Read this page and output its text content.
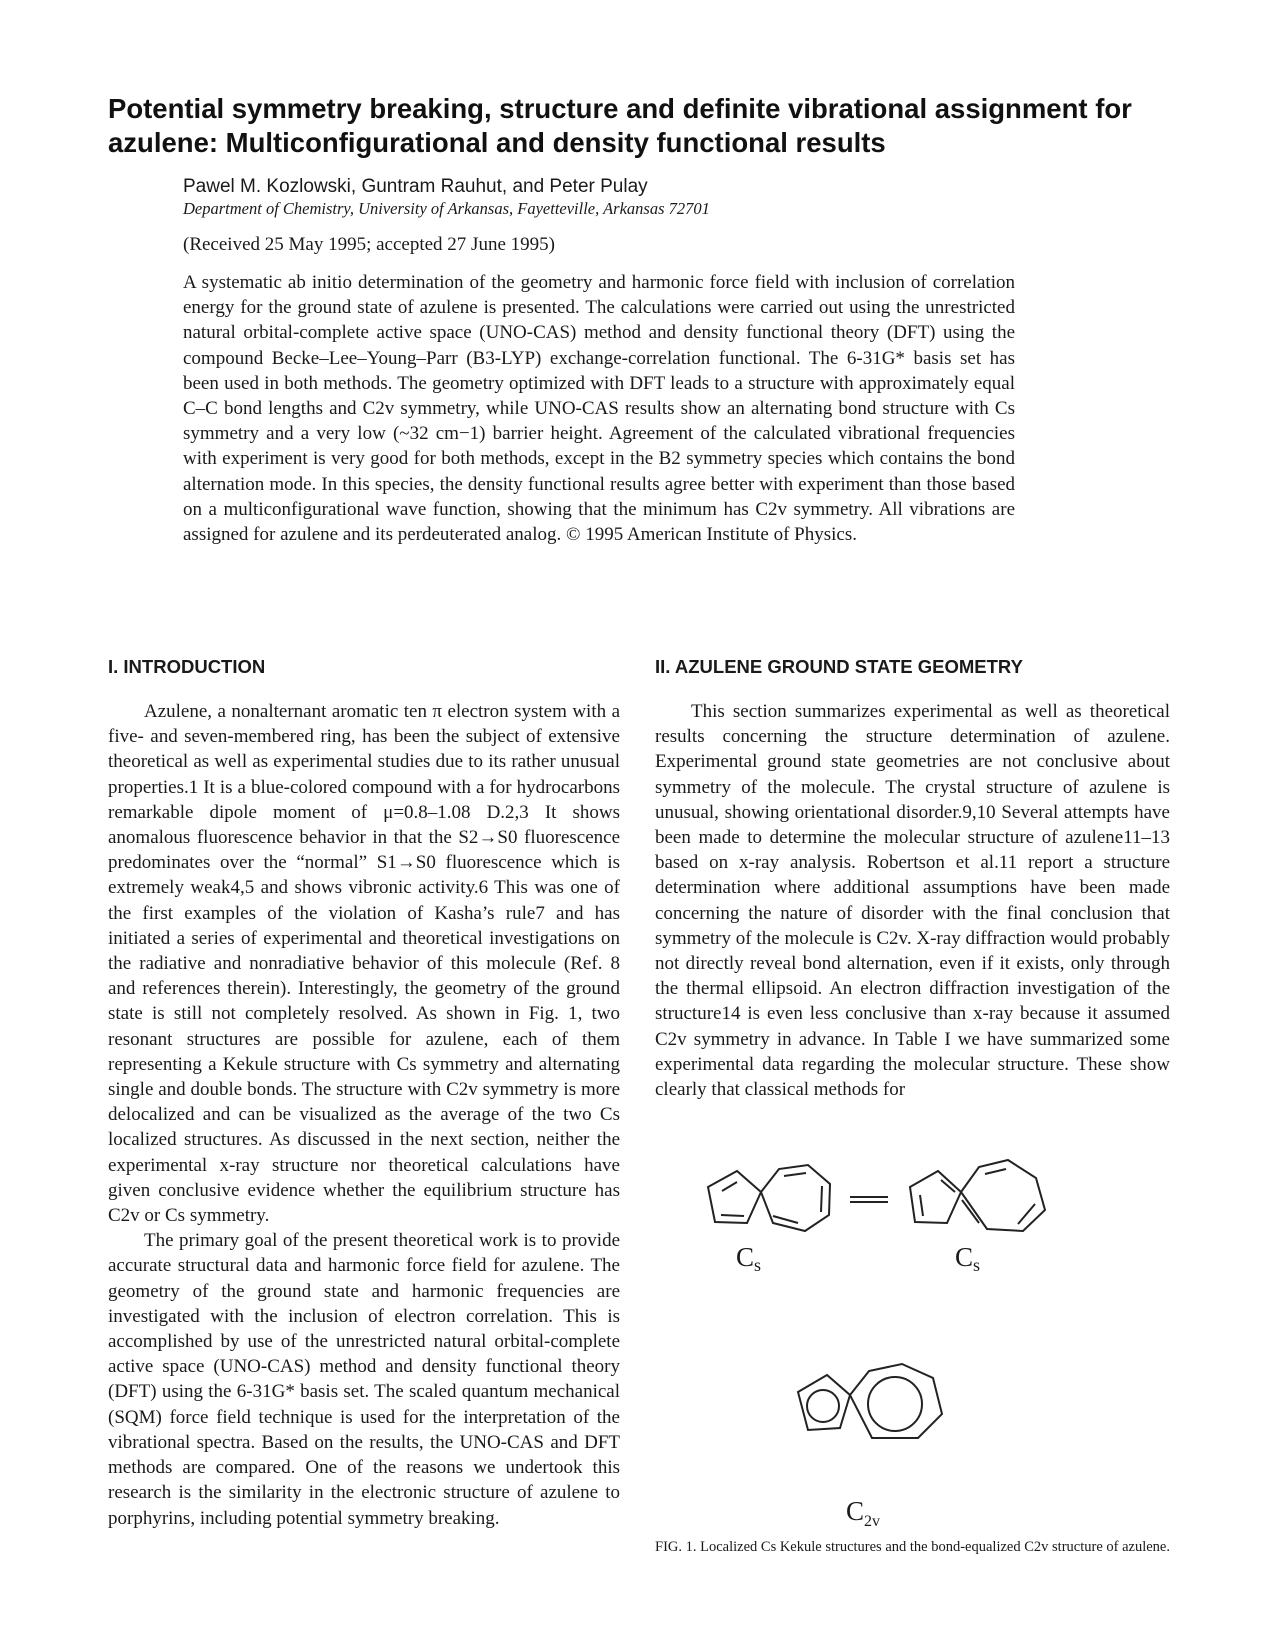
Potential symmetry breaking, structure and definite vibrational assignment for azulene: Multiconfigurational and density functional results
Pawel M. Kozlowski, Guntram Rauhut, and Peter Pulay
Department of Chemistry, University of Arkansas, Fayetteville, Arkansas 72701
(Received 25 May 1995; accepted 27 June 1995)

A systematic ab initio determination of the geometry and harmonic force field with inclusion of correlation energy for the ground state of azulene is presented. The calculations were carried out using the unrestricted natural orbital-complete active space (UNO-CAS) method and density functional theory (DFT) using the compound Becke–Lee–Young–Parr (B3-LYP) exchange-correlation functional. The 6-31G* basis set has been used in both methods. The geometry optimized with DFT leads to a structure with approximately equal C–C bond lengths and C2v symmetry, while UNO-CAS results show an alternating bond structure with Cs symmetry and a very low (~32 cm−1) barrier height. Agreement of the calculated vibrational frequencies with experiment is very good for both methods, except in the B2 symmetry species which contains the bond alternation mode. In this species, the density functional results agree better with experiment than those based on a multiconfigurational wave function, showing that the minimum has C2v symmetry. All vibrations are assigned for azulene and its perdeuterated analog. © 1995 American Institute of Physics.

I. INTRODUCTION

Azulene, a nonalternant aromatic ten π electron system with a five- and seven-membered ring, has been the subject of extensive theoretical as well as experimental studies due to its rather unusual properties.1 It is a blue-colored compound with a for hydrocarbons remarkable dipole moment of μ=0.8–1.08 D.2,3 It shows anomalous fluorescence behavior in that the S2→S0 fluorescence predominates over the “normal” S1→S0 fluorescence which is extremely weak4,5 and shows vibronic activity.6 This was one of the first examples of the violation of Kasha’s rule7 and has initiated a series of experimental and theoretical investigations on the radiative and nonradiative behavior of this molecule (Ref. 8 and references therein). Interestingly, the geometry of the ground state is still not completely resolved. As shown in Fig. 1, two resonant structures are possible for azulene, each of them representing a Kekule structure with Cs symmetry and alternating single and double bonds. The structure with C2v symmetry is more delocalized and can be visualized as the average of the two Cs localized structures. As discussed in the next section, neither the experimental x-ray structure nor theoretical calculations have given conclusive evidence whether the equilibrium structure has C2v or Cs symmetry.

The primary goal of the present theoretical work is to provide accurate structural data and harmonic force field for azulene. The geometry of the ground state and harmonic frequencies are investigated with the inclusion of electron correlation. This is accomplished by use of the unrestricted natural orbital-complete active space (UNO-CAS) method and density functional theory (DFT) using the 6-31G* basis set. The scaled quantum mechanical (SQM) force field technique is used for the interpretation of the vibrational spectra. Based on the results, the UNO-CAS and DFT methods are compared. One of the reasons we undertook this research is the similarity in the electronic structure of azulene to porphyrins, including potential symmetry breaking.

II. AZULENE GROUND STATE GEOMETRY

This section summarizes experimental as well as theoretical results concerning the structure determination of azulene. Experimental ground state geometries are not conclusive about symmetry of the molecule. The crystal structure of azulene is unusual, showing orientational disorder.9,10 Several attempts have been made to determine the molecular structure of azulene11–13 based on x-ray analysis. Robertson et al.11 report a structure determination where additional assumptions have been made concerning the nature of disorder with the final conclusion that symmetry of the molecule is C2v. X-ray diffraction would probably not directly reveal bond alternation, even if it exists, only through the thermal ellipsoid. An electron diffraction investigation of the structure14 is even less conclusive than x-ray because it assumed C2v symmetry in advance. In Table I we have summarized some experimental data regarding the molecular structure. These show clearly that classical methods for

Cs	Cs
$C_{2v}$
FIG. 1. Localized Cs Kekule structures and the bond-equalized C2v structure of azulene.
